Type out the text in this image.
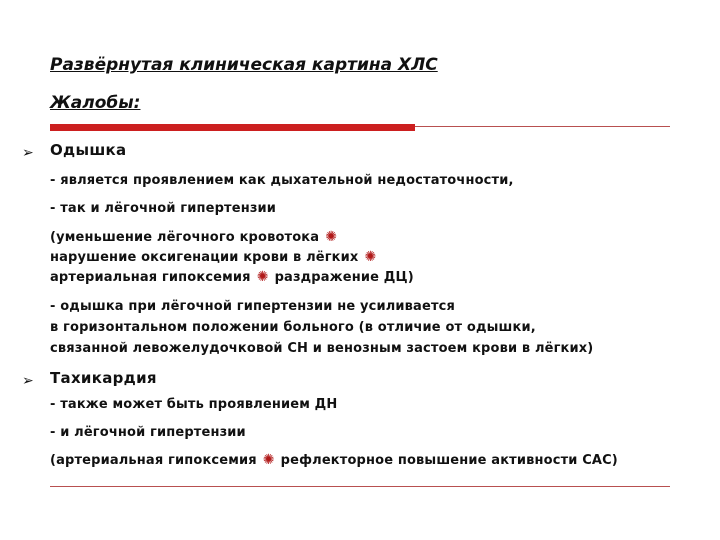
Развёрнутая клиническая картина ХЛС
Жалобы:
➢ Одышка
- является проявлением как дыхательной недостаточности,
- так и лёгочной гипертензии
(уменьшение лёгочного кровотока ✺
нарушение оксигенации крови в лёгких ✺
артериальная гипоксемия ✺ раздражение ДЦ)
- одышка при лёгочной гипертензии не усиливается
в горизонтальном положении больного (в отличие от одышки,
связанной левожелудочковой СН и венозным застоем крови в лёгких)
➢ Тахикардия
- также может быть проявлением ДН
- и лёгочной гипертензии
(артериальная гипоксемия ✺ рефлекторное повышение активности САС)
